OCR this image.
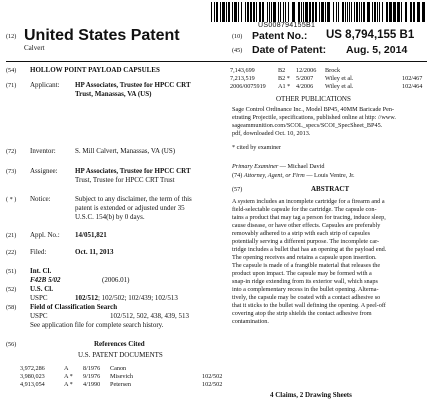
US008794155B1
(12) United States Patent
Calvert
(10) Patent No.: US 8,794,155 B1
(45) Date of Patent: Aug. 5, 2014
(54) HOLLOW POINT PAYLOAD CAPSULES
(71) Applicant: HP Associates, Trustee for HPCC CRT
Trust, Manassas, VA (US)
(72) Inventor:	S. Mill Calvert, Manassas, VA (US)
(73) Assignee: HP Associates, Trustee for HPCC CRT
Trust, Trustee for HPCC CRT Trust
( * ) Notice:	Subject to any disclaimer, the term of this
patent is extended or adjusted under 35
U.S.C. 154(b) by 0 days.
(21) Appl. No.: 14/051,821
(22) Filed:	Oct. 11, 2013
(51) Int. Cl.
F42B 5/02	(2006.01)
(52) U.S. Cl.
USPC	102/512; 102/502; 102/439; 102/513
(58) Field of Classification Search
USPC	102/512, 502, 438, 439, 513
See application file for complete search history.
(56)	References Cited
U.S. PATENT DOCUMENTS
3,972,286	A 8/1976 Canon
3,980,023	A * 9/1976 Misevich	102/502
4,913,054	A * 4/1990 Petersen	102/502
7,143,699	B2 12/2006 Brock
7,213,519	B2 * 5/2007 Wiley et al.	102/467
2006/0075919 A1 * 4/2006 Wiley et al.	102/464
OTHER PUBLICATIONS
Sage Control Ordinance Inc., Model BP45, 40MM Baricade Pen-
etrating Projectile, specifications, published online at http: //www.
sageammunition.com/SCOL_specs/SCOI_SpecSheet_BP45.
pdf, downloaded Oct. 10, 2013.
* cited by examiner
Primary Examiner — Michael David
(74) Attorney, Agent, or Firm — Louis Ventre, Jr.
(57)	ABSTRACT
A system includes an incomplete cartridge for a firearm and a
field-selectable capsule for the cartridge. The capsule con-
tains a product that may tag a person for tracing, induce sleep,
cause disease, or have other effects. Capsules are preferably
removably adhered to a strip with each strip of capsules
potentially serving a different purpose. The incomplete car-
tridge includes a bullet that has an opening at the payload end.
The opening receives and retains a capsule upon insertion.
The capsule is made of a frangible material that releases the
product upon impact. The capsule may be formed with a
snap-in ridge extending from its exterior wall, which snaps
into a complementary recess in the bullet opening. Alterna-
tively, the capsule may be coated with a contact adhesive so
that it sticks to the bullet wall defining the opening. A peel-off
covering atop the strip shields the contact adhesive from
contamination.
4 Claims, 2 Drawing Sheets
